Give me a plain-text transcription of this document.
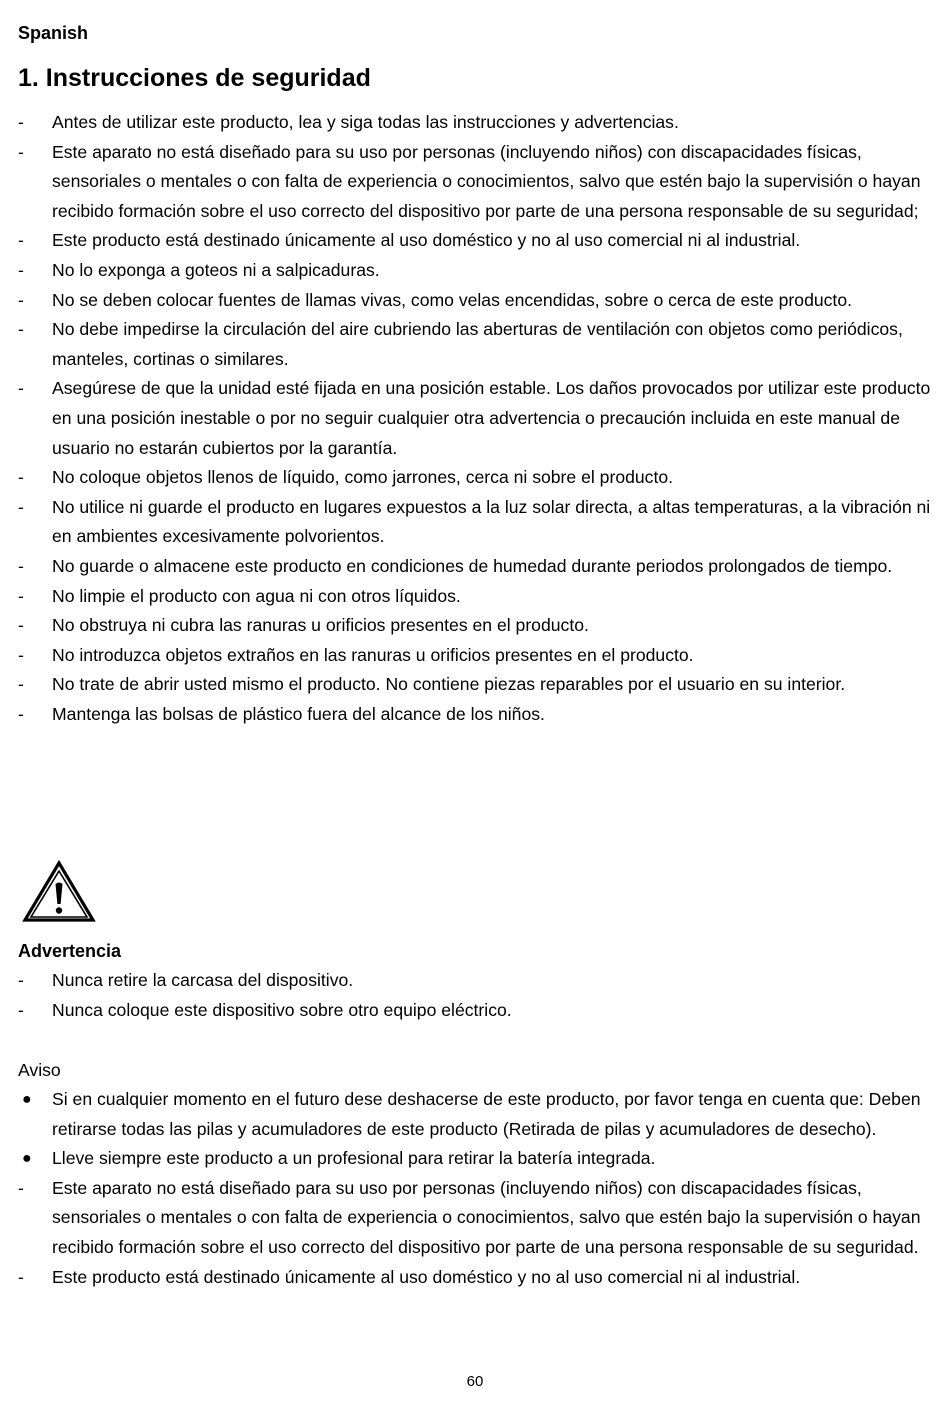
Spanish
1. Instrucciones de seguridad
-	Antes de utilizar este producto, lea y siga todas las instrucciones y advertencias.
-	Este aparato no está diseñado para su uso por personas (incluyendo niños) con discapacidades físicas, sensoriales o mentales o con falta de experiencia o conocimientos, salvo que estén bajo la supervisión o hayan recibido formación sobre el uso correcto del dispositivo por parte de una persona responsable de su seguridad;
-	Este producto está destinado únicamente al uso doméstico y no al uso comercial ni al industrial.
-	No lo exponga a goteos ni a salpicaduras.
-	No se deben colocar fuentes de llamas vivas, como velas encendidas, sobre o cerca de este producto.
-	No debe impedirse la circulación del aire cubriendo las aberturas de ventilación con objetos como periódicos, manteles, cortinas o similares.
-	Asegúrese de que la unidad esté fijada en una posición estable. Los daños provocados por utilizar este producto en una posición inestable o por no seguir cualquier otra advertencia o precaución incluida en este manual de usuario no estarán cubiertos por la garantía.
-	No coloque objetos llenos de líquido, como jarrones, cerca ni sobre el producto.
-	No utilice ni guarde el producto en lugares expuestos a la luz solar directa, a altas temperaturas, a la vibración ni en ambientes excesivamente polvorientos.
-	No guarde o almacene este producto en condiciones de humedad durante periodos prolongados de tiempo.
-	No limpie el producto con agua ni con otros líquidos.
-	No obstruya ni cubra las ranuras u orificios presentes en el producto.
-	No introduzca objetos extraños en las ranuras u orificios presentes en el producto.
-	No trate de abrir usted mismo el producto. No contiene piezas reparables por el usuario en su interior.
-	Mantenga las bolsas de plástico fuera del alcance de los niños.
Advertencia
-	Nunca retire la carcasa del dispositivo.
-	Nunca coloque este dispositivo sobre otro equipo eléctrico.
Aviso
●	Si en cualquier momento en el futuro dese deshacerse de este producto, por favor tenga en cuenta que: Deben retirarse todas las pilas y acumuladores de este producto (Retirada de pilas y acumuladores de desecho).
●	Lleve siempre este producto a un profesional para retirar la batería integrada.
-	Este aparato no está diseñado para su uso por personas (incluyendo niños) con discapacidades físicas, sensoriales o mentales o con falta de experiencia o conocimientos, salvo que estén bajo la supervisión o hayan recibido formación sobre el uso correcto del dispositivo por parte de una persona responsable de su seguridad.
-	Este producto está destinado únicamente al uso doméstico y no al uso comercial ni al industrial.
60
